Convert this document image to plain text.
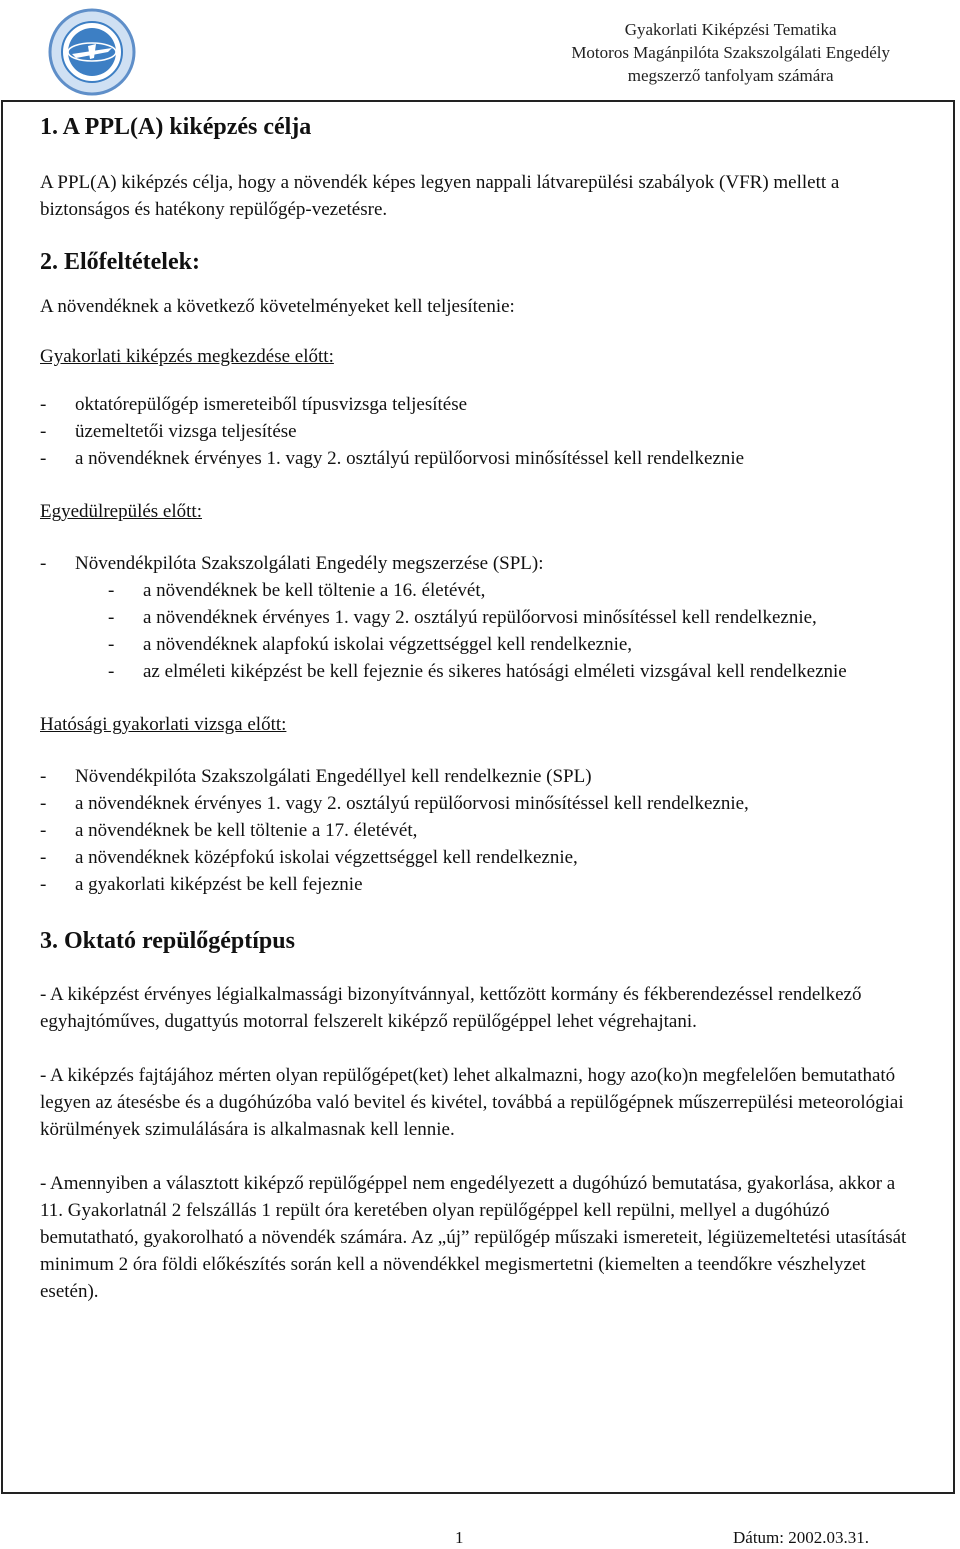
Gyakorlati Kiképzési Tematika
Motoros Magánpilóta Szakszolgálati Engedély
megszerző tanfolyam számára
1. A PPL(A) kiképzés célja

A PPL(A) kiképzés célja, hogy a növendék képes legyen nappali látvarepülési szabályok (VFR) mellett a biztonságos és hatékony repülőgép-vezetésre.

2. Előfeltételek:

A növendéknek a következő követelményeket kell teljesítenie:

Gyakorlati kiképzés megkezdése előtt:

-	oktatórepülőgép ismereteiből típusvizsga teljesítése
-	üzemeltetői vizsga teljesítése
-	a növendéknek érvényes 1. vagy 2. osztályú repülőorvosi minősítéssel kell rendelkeznie

Egyedülrepülés előtt:

-	Növendékpilóta Szakszolgálati Engedély megszerzése (SPL):
-	a növendéknek be kell töltenie a 16. életévét,
-	a növendéknek érvényes 1. vagy 2. osztályú repülőorvosi minősítéssel kell rendelkeznie,
-	a növendéknek alapfokú iskolai végzettséggel kell rendelkeznie,
-	az elméleti kiképzést be kell fejeznie és sikeres hatósági elméleti vizsgával kell rendelkeznie

Hatósági gyakorlati vizsga előtt:

-	Növendékpilóta Szakszolgálati Engedéllyel kell rendelkeznie (SPL)
-	a növendéknek érvényes 1. vagy 2. osztályú repülőorvosi minősítéssel kell rendelkeznie,
-	a növendéknek be kell töltenie a 17. életévét,
-	a növendéknek középfokú iskolai végzettséggel kell rendelkeznie,
-	a gyakorlati kiképzést be kell fejeznie
3. Oktató repülőgéptípus

- A kiképzést érvényes légialkalmassági bizonyítvánnyal, kettőzött kormány és fékberendezéssel rendelkező egyhajtóműves, dugattyús motorral felszerelt kiképző repülőgéppel lehet végrehajtani.

- A kiképzés fajtájához mérten olyan repülőgépet(ket) lehet alkalmazni, hogy azo(ko)n megfelelően bemutatható legyen az átesésbe és a dugóhúzóba való bevitel és kivétel, továbbá a repülőgépnek műszerrepülési meteorológiai körülmények szimulálására is alkalmasnak kell lennie.

- Amennyiben a választott kiképző repülőgéppel nem engedélyezett a dugóhúzó bemutatása, gyakorlása, akkor a 11. Gyakorlatnál 2 felszállás 1 repült óra keretében olyan repülőgéppel kell repülni, mellyel a dugóhúzó bemutatható, gyakorolható a növendék számára. Az „új” repülőgép műszaki ismereteit, légiüzemeltetési utasítását minimum 2 óra földi előkészítés során kell a növendékkel megismertetni (kiemelten a teendőkre vészhelyzet esetén).

1	Dátum: 2002.03.31.
